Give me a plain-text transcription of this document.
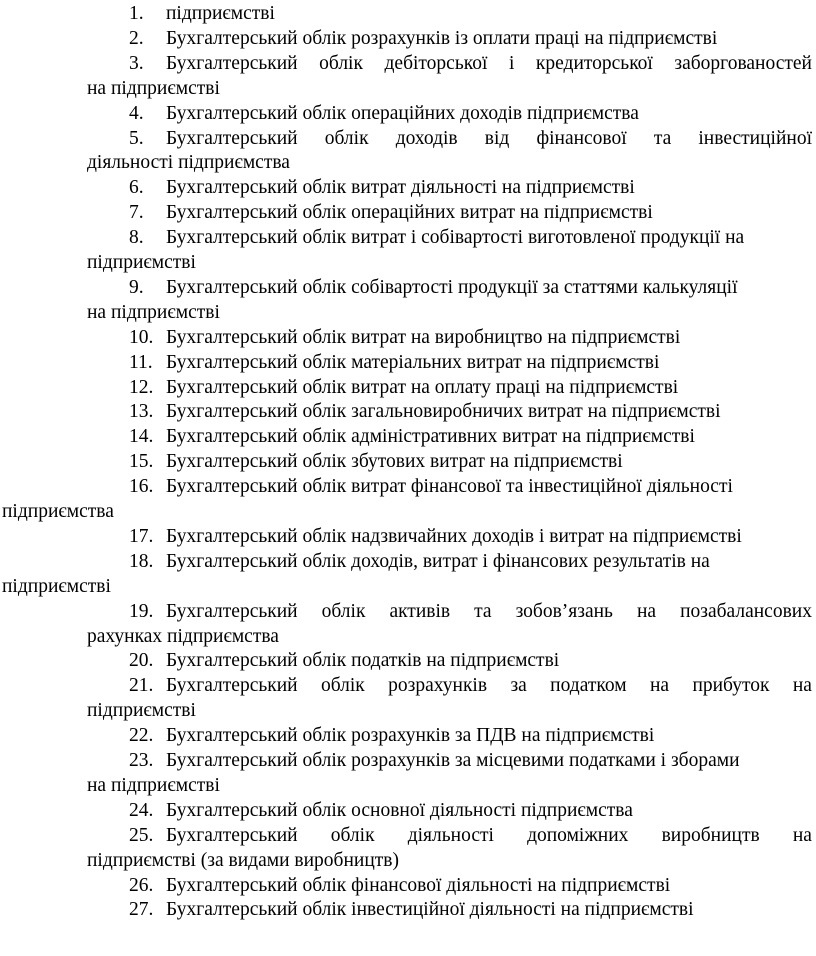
1. підприємстві
2. Бухгалтерський облік розрахунків із оплати праці на підприємстві
3. Бухгалтерський облік дебіторської і кредиторської заборгованостей
на підприємстві
4. Бухгалтерський облік операційних доходів підприємства
5. Бухгалтерський облік доходів від фінансової та інвестиційної
діяльності підприємства
6. Бухгалтерський облік витрат діяльності на підприємстві
7. Бухгалтерський облік операційних витрат на підприємстві
8. Бухгалтерський облік витрат і собівартості виготовленої продукції на
підприємстві
9. Бухгалтерський облік собівартості продукції за статтями калькуляції
на підприємстві
10. Бухгалтерський облік витрат на виробництво на підприємстві
11. Бухгалтерський облік матеріальних витрат на підприємстві
12. Бухгалтерський облік витрат на оплату праці на підприємстві
13. Бухгалтерський облік загальновиробничих витрат на підприємстві
14. Бухгалтерський облік адміністративних витрат на підприємстві
15. Бухгалтерський облік збутових витрат на підприємстві
16. Бухгалтерський облік витрат фінансової та інвестиційної діяльності
підприємства
17. Бухгалтерський облік надзвичайних доходів і витрат на підприємстві
18. Бухгалтерський облік доходів, витрат і фінансових результатів на
підприємстві
19. Бухгалтерський облік активів та зобов’язань на позабалансових
рахунках підприємства
20. Бухгалтерський облік податків на підприємстві
21. Бухгалтерський облік розрахунків за податком на прибуток на
підприємстві
22. Бухгалтерський облік розрахунків за ПДВ на підприємстві
23. Бухгалтерський облік розрахунків за місцевими податками і зборами
на підприємстві
24. Бухгалтерський облік основної діяльності підприємства
25. Бухгалтерський облік діяльності допоміжних виробництв на
підприємстві (за видами виробництв)
26. Бухгалтерський облік фінансової діяльності на підприємстві
27. Бухгалтерський облік інвестиційної діяльності на підприємстві
